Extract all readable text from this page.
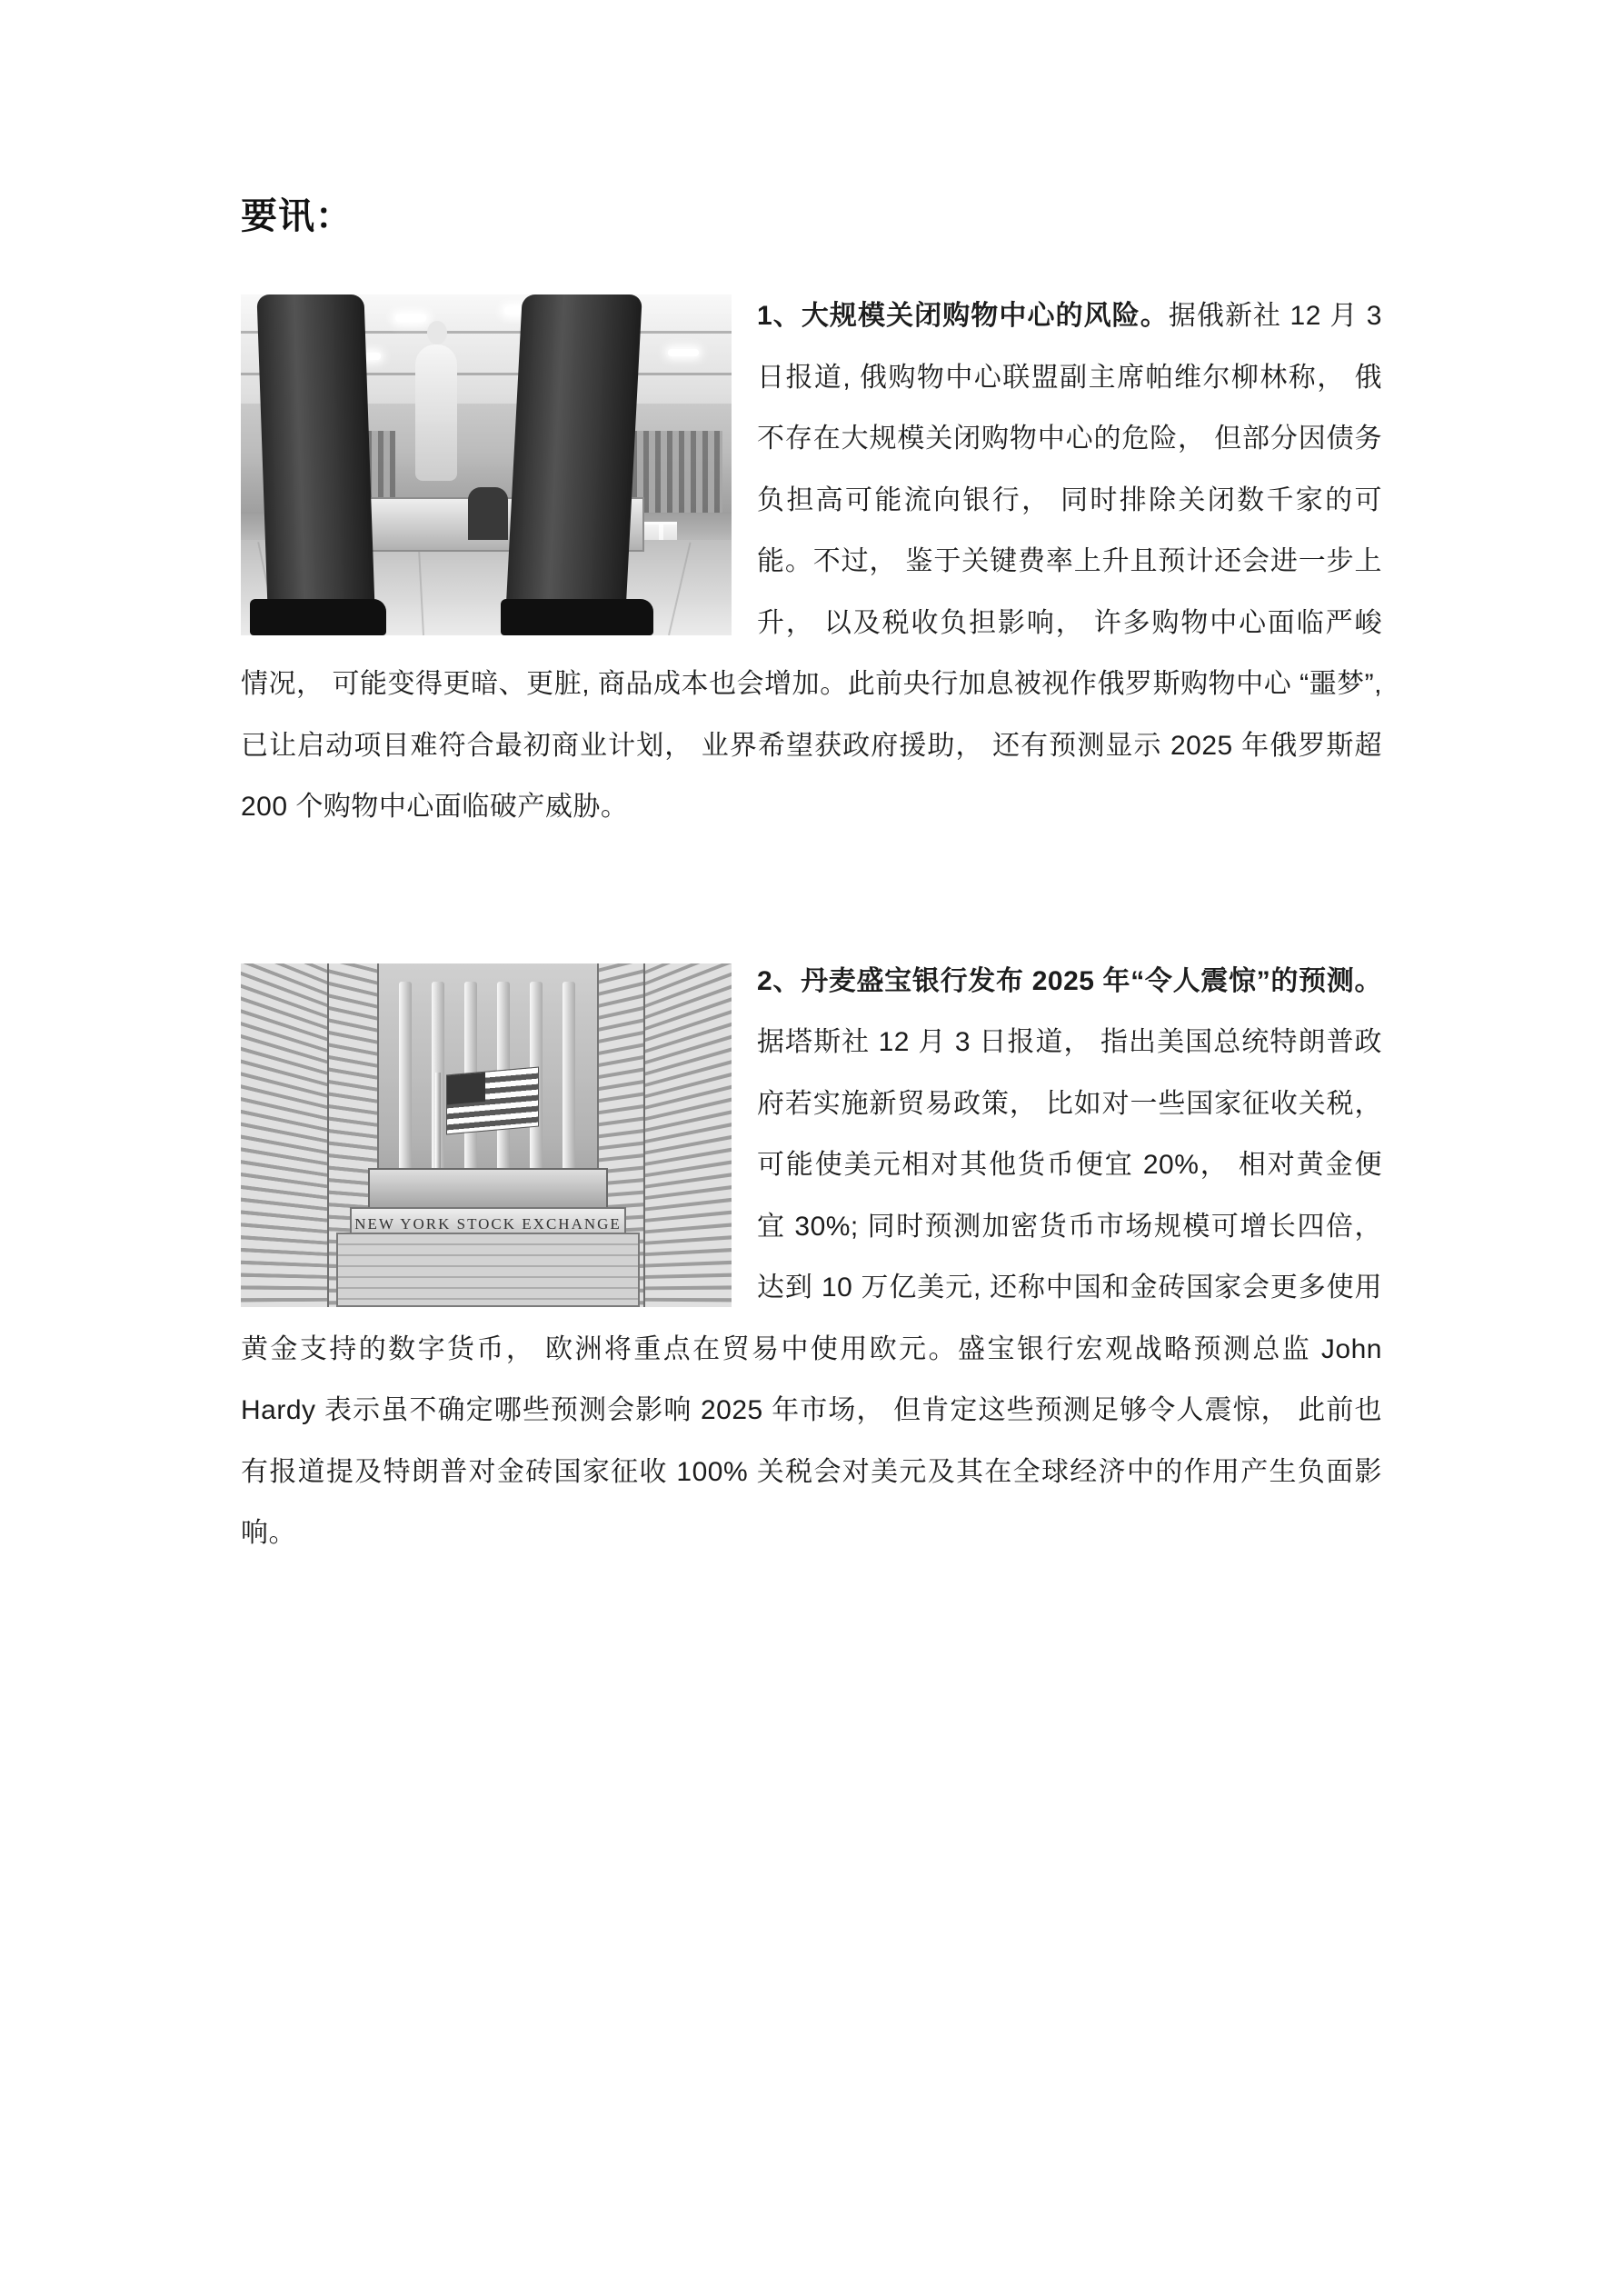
要讯：

1、大规模关闭购物中心的风险。据俄新社 12 月 3 日报道, 俄购物中心联盟副主席帕维尔柳林称， 俄不存在大规模关闭购物中心的危险， 但部分因债务负担高可能流向银行， 同时排除关闭数千家的可能。不过， 鉴于关键费率上升且预计还会进一步上升， 以及税收负担影响， 许多购物中心面临严峻情况， 可能变得更暗、更脏, 商品成本也会增加。此前央行加息被视作俄罗斯购物中心 “噩梦”, 已让启动项目难符合最初商业计划， 业界希望获政府援助， 还有预测显示 2025 年俄罗斯超 200 个购物中心面临破产威胁。

NEW YORK STOCK EXCHANGE

2、丹麦盛宝银行发布 2025 年“令人震惊”的预测。据塔斯社 12 月 3 日报道， 指出美国总统特朗普政府若实施新贸易政策， 比如对一些国家征收关税， 可能使美元相对其他货币便宜 20%， 相对黄金便宜 30%; 同时预测加密货币市场规模可增长四倍， 达到 10 万亿美元, 还称中国和金砖国家会更多使用黄金支持的数字货币， 欧洲将重点在贸易中使用欧元。盛宝银行宏观战略预测总监 John Hardy 表示虽不确定哪些预测会影响 2025 年市场， 但肯定这些预测足够令人震惊， 此前也有报道提及特朗普对金砖国家征收 100% 关税会对美元及其在全球经济中的作用产生负面影响。
